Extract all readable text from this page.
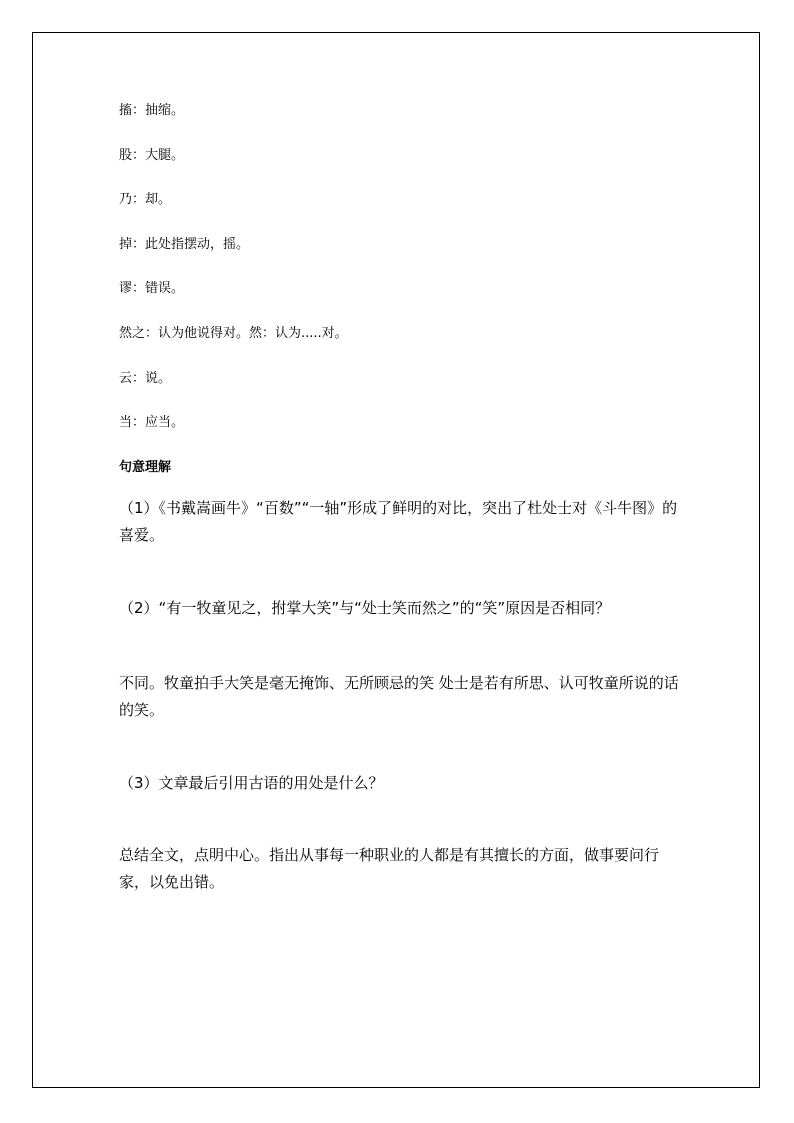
搐：抽缩。
股：大腿。
乃：却。
掉：此处指摆动，摇。
谬：错误。
然之：认为他说得对。然：认为.....对。
云：说。
当：应当。
句意理解
（1）《书戴嵩画牛》“百数”“一轴”形成了鲜明的对比，突出了杜处士对《斗牛图》的喜爱。
（2）“有一牧童见之，拊掌大笑”与“处士笑而然之”的“笑”原因是否相同？
不同。牧童拍手大笑是毫无掩饰、无所顾忌的笑 处士是若有所思、认可牧童所说的话的笑。
（3）文章最后引用古语的用处是什么？
总结全文，点明中心。指出从事每一种职业的人都是有其擅长的方面，做事要问行家，以免出错。
